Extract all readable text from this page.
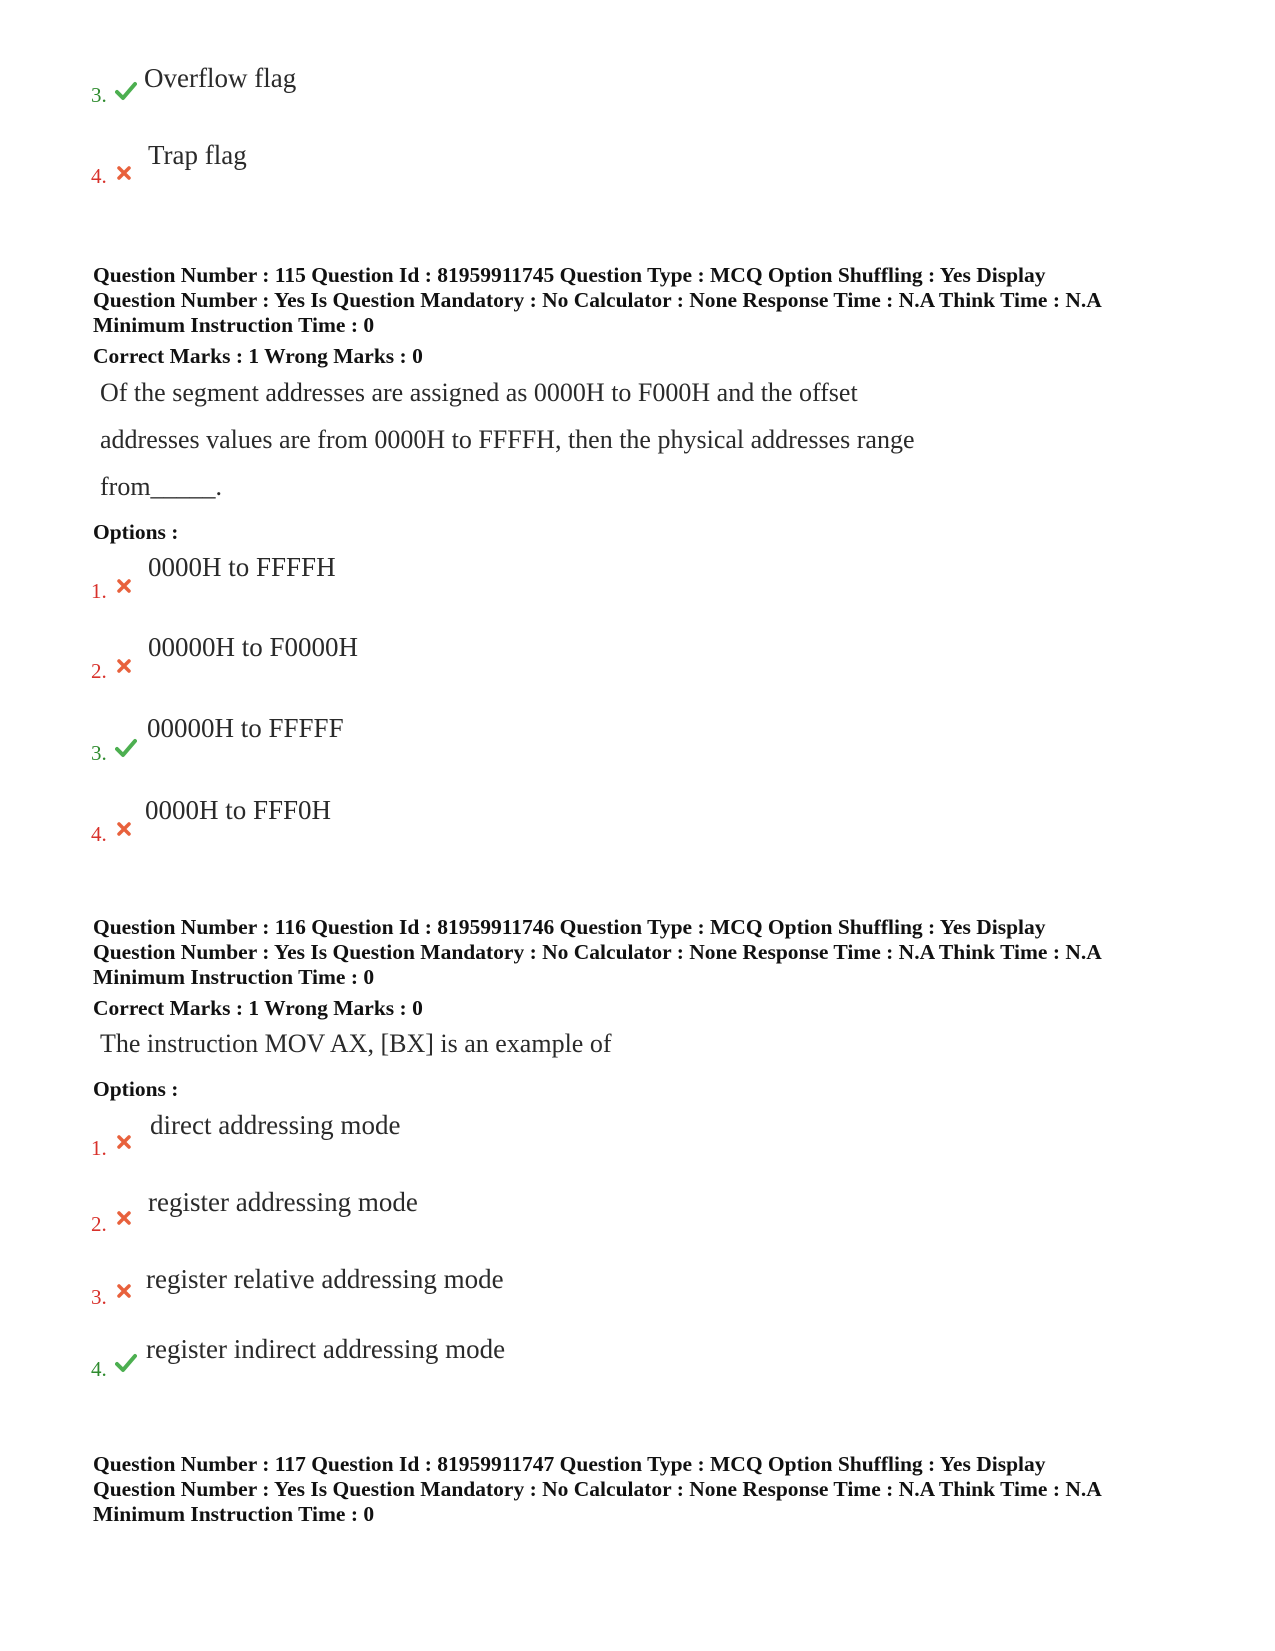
3.
Overflow flag
4.
Trap flag
Question Number : 115 Question Id : 81959911745 Question Type : MCQ Option Shuffling : Yes Display
Question Number : Yes Is Question Mandatory : No Calculator : None Response Time : N.A Think Time : N.A
Minimum Instruction Time : 0
Correct Marks : 1 Wrong Marks : 0
Of the segment addresses are assigned as 0000H to F000H and the offset
addresses values are from 0000H to FFFFH, then the physical addresses range
from_____.
Options :
1.
0000H to FFFFH
2.
00000H to F0000H
3.
00000H to FFFFF
4.
0000H to FFF0H
Question Number : 116 Question Id : 81959911746 Question Type : MCQ Option Shuffling : Yes Display
Question Number : Yes Is Question Mandatory : No Calculator : None Response Time : N.A Think Time : N.A
Minimum Instruction Time : 0
Correct Marks : 1 Wrong Marks : 0
The instruction MOV AX, [BX] is an example of
Options :
1.
direct addressing mode
2.
register addressing mode
3.
register relative addressing mode
4.
register indirect addressing mode
Question Number : 117 Question Id : 81959911747 Question Type : MCQ Option Shuffling : Yes Display
Question Number : Yes Is Question Mandatory : No Calculator : None Response Time : N.A Think Time : N.A
Minimum Instruction Time : 0
